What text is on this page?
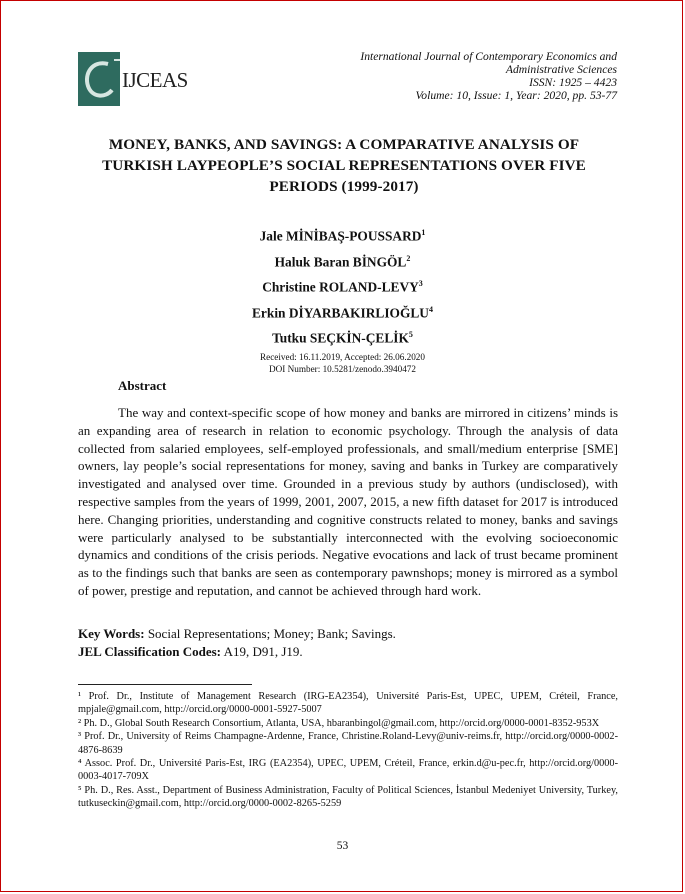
IJCEAS
International Journal of Contemporary Economics and
Administrative Sciences
ISSN: 1925 – 4423
Volume: 10, Issue: 1, Year: 2020, pp. 53-77
MONEY, BANKS, AND SAVINGS: A COMPARATIVE ANALYSIS OF
TURKISH LAYPEOPLE’S SOCIAL REPRESENTATIONS OVER FIVE
PERIODS (1999-2017)
Jale MİNİBAŞ-POUSSARD$^1$
Haluk Baran BİNGÖL$^2$
Christine ROLAND-LEVY$^3$
Erkin DİYARBAKIRLIOĞLU$^4$
Tutku SEÇKİN-ÇELİK$^5$
Received: 16.11.2019, Accepted: 26.06.2020
DOI Number: 10.5281/zenodo.3940472
Abstract

The way and context-specific scope of how money and banks are mirrored in citizens’ minds is an expanding area of research in relation to economic psychology. Through the analysis of data collected from salaried employees, self-employed professionals, and small/medium enterprise [SME] owners, lay people’s social representations for money, saving and banks in Turkey are comparatively investigated and analysed over time. Grounded in a previous study by authors (undisclosed), with respective samples from the years of 1999, 2001, 2007, 2015, a new fifth dataset for 2017 is introduced here. Changing priorities, understanding and cognitive constructs related to money, banks and savings were particularly analysed to be substantially interconnected with the evolving socioeconomic dynamics and conditions of the crisis periods. Negative evocations and lack of trust became prominent as to the findings such that banks are seen as contemporary pawnshops; money is mirrored as a symbol of power, prestige and reputation, and cannot be achieved through hard work.

Key Words: Social Representations; Money; Bank; Savings.
JEL Classification Codes: A19, D91, J19.
¹ Prof. Dr., Institute of Management Research (IRG-EA2354), Université Paris-Est, UPEC, UPEM, Créteil, France, mpjale@gmail.com, http://orcid.org/0000-0001-5927-5007
² Ph. D., Global South Research Consortium, Atlanta, USA, hbaranbingol@gmail.com, http://orcid.org/0000-0001-8352-953X
³ Prof. Dr., University of Reims Champagne-Ardenne, France, Christine.Roland-Levy@univ-reims.fr, http://orcid.org/0000-0002-4876-8639
⁴ Assoc. Prof. Dr., Université Paris-Est, IRG (EA2354), UPEC, UPEM, Créteil, France, erkin.d@u-pec.fr, http://orcid.org/0000-0003-4017-709X
⁵ Ph. D., Res. Asst., Department of Business Administration, Faculty of Political Sciences, İstanbul Medeniyet University, Turkey, tutkuseckin@gmail.com, http://orcid.org/0000-0002-8265-5259
53
